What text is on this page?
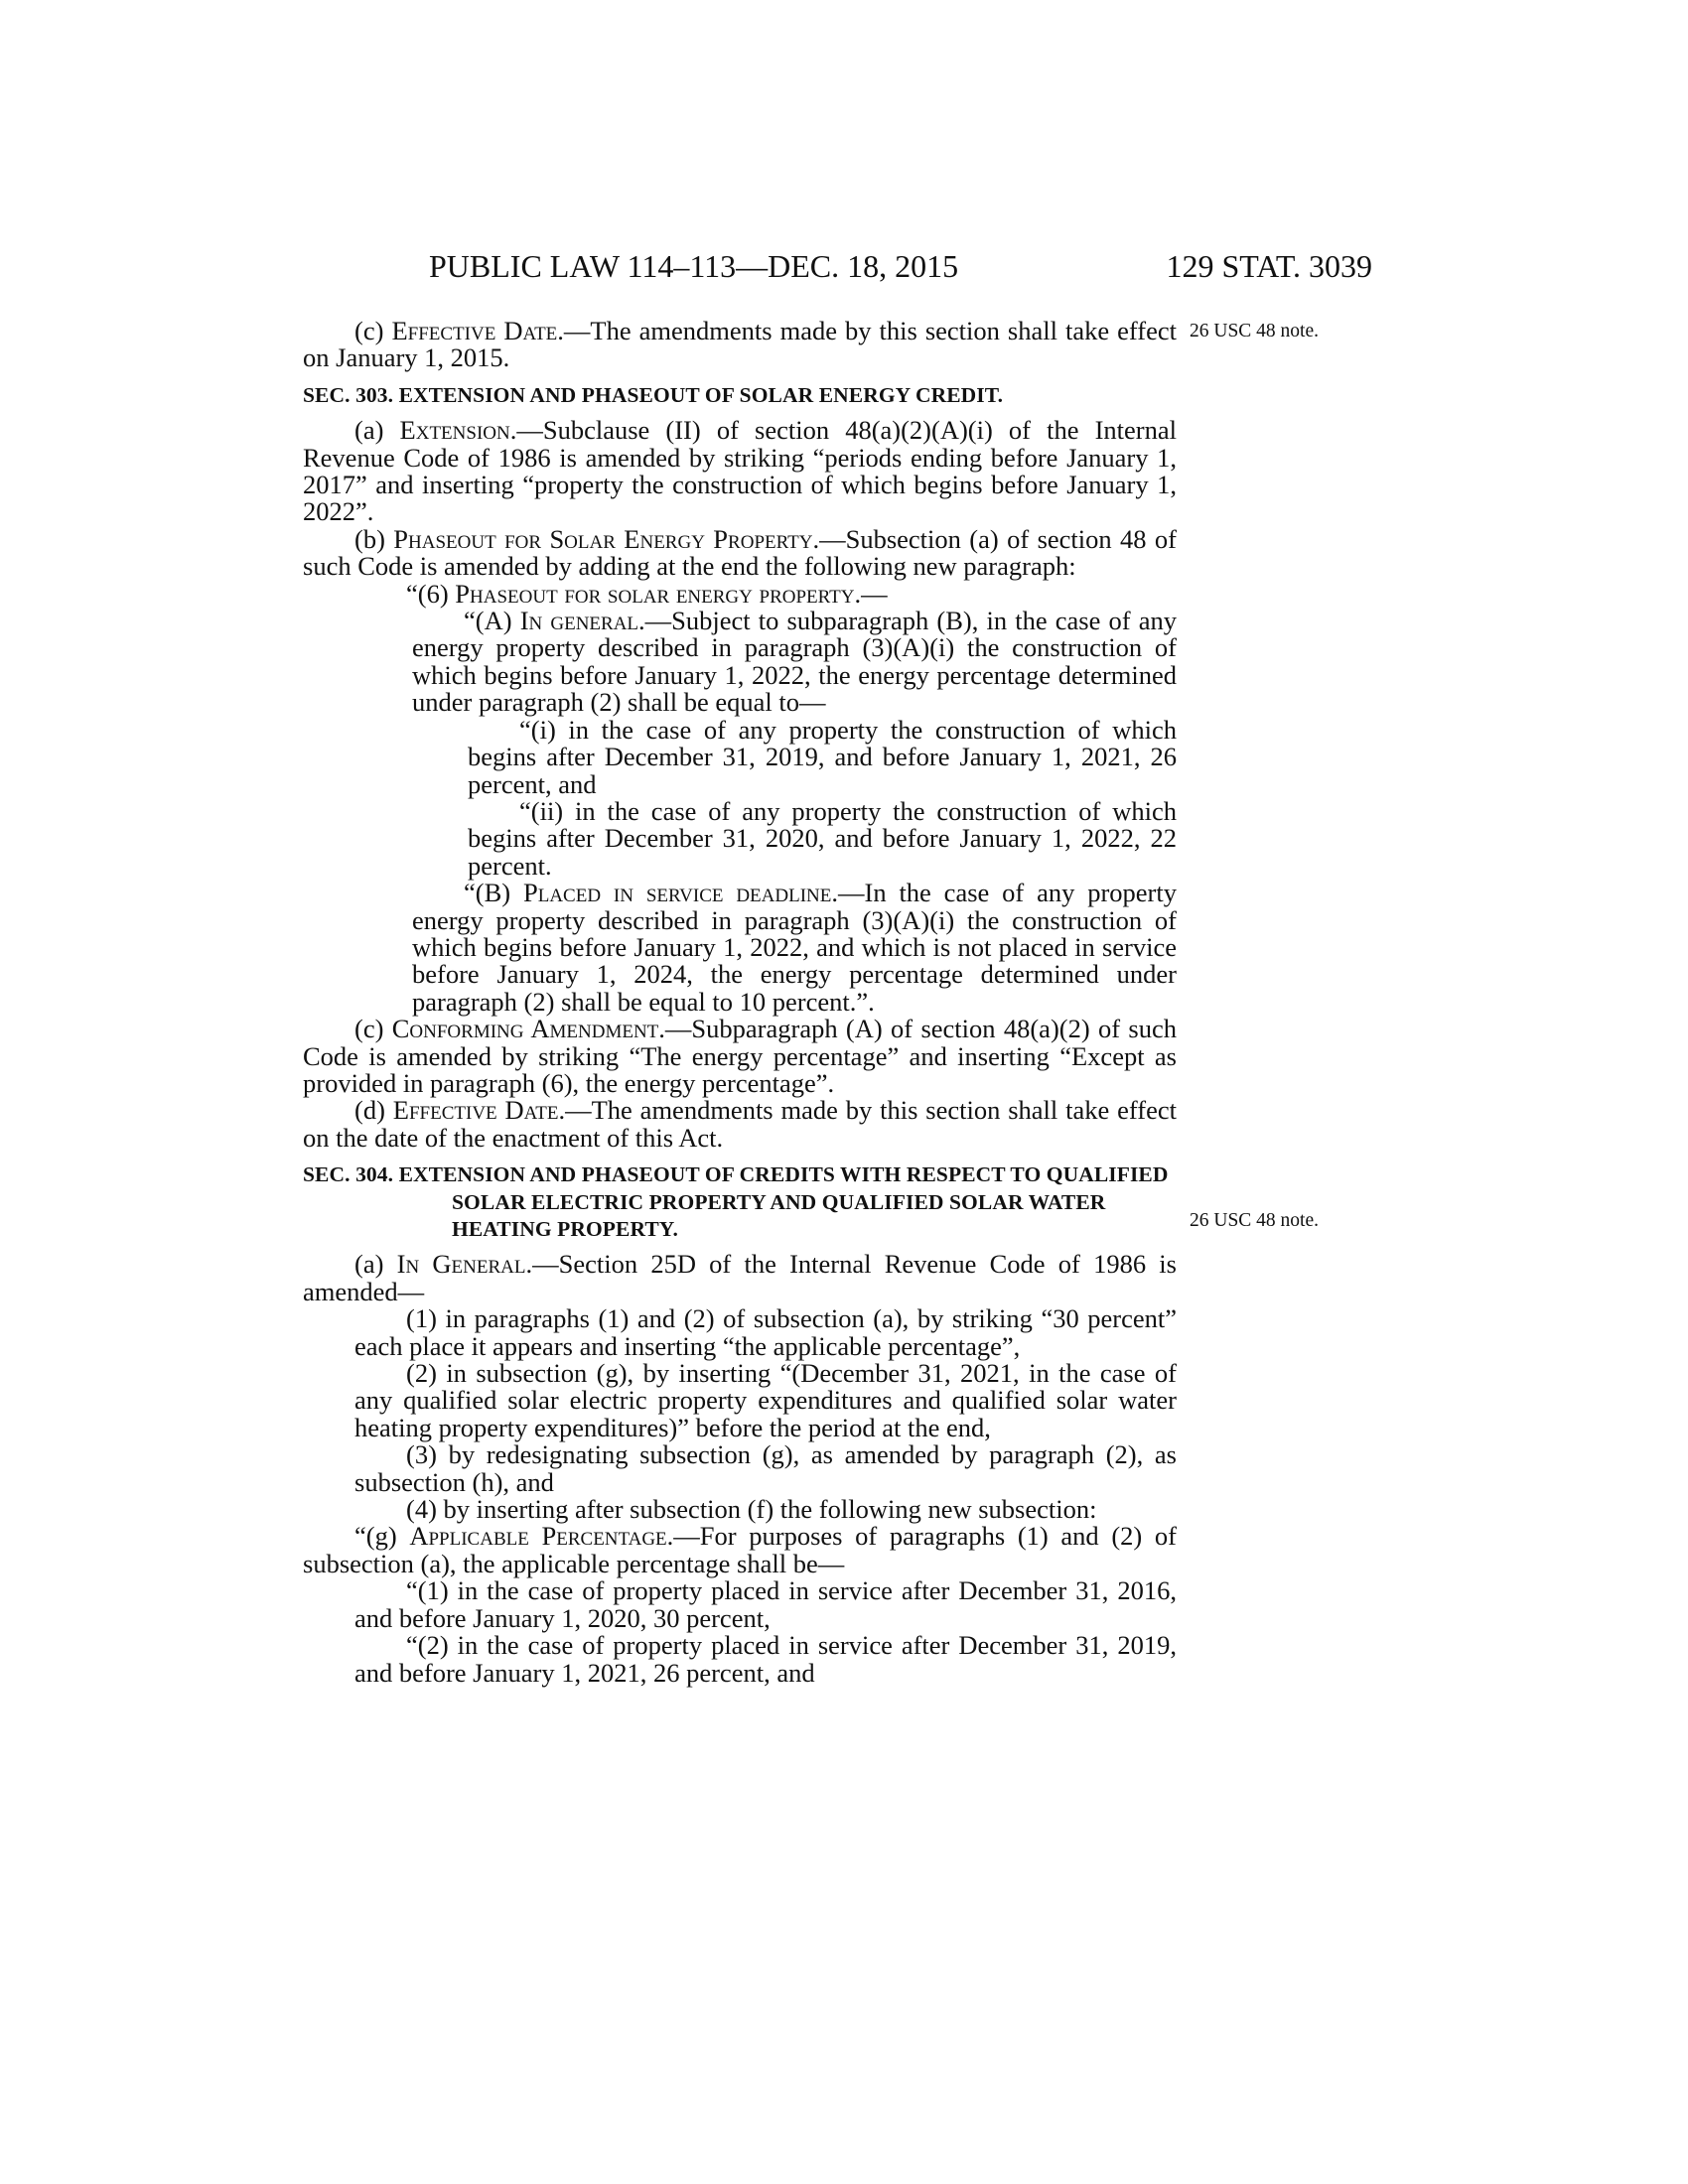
PUBLIC LAW 114–113—DEC. 18, 2015	129 STAT. 3039
26 USC 48 note.
26 USC 48 note.

(c) Effective Date.—The amendments made by this section shall take effect on January 1, 2015.

SEC. 303. EXTENSION AND PHASEOUT OF SOLAR ENERGY CREDIT.

(a) Extension.—Subclause (II) of section 48(a)(2)(A)(i) of the Internal Revenue Code of 1986 is amended by striking “periods ending before January 1, 2017” and inserting “property the construction of which begins before January 1, 2022”.

(b) Phaseout for Solar Energy Property.—Subsection (a) of section 48 of such Code is amended by adding at the end the following new paragraph:

“(6) Phaseout for solar energy property.—

“(A) In general.—Subject to subparagraph (B), in the case of any energy property described in paragraph (3)(A)(i) the construction of which begins before January 1, 2022, the energy percentage determined under paragraph (2) shall be equal to—

“(i) in the case of any property the construction of which begins after December 31, 2019, and before January 1, 2021, 26 percent, and

“(ii) in the case of any property the construction of which begins after December 31, 2020, and before January 1, 2022, 22 percent.

“(B) Placed in service deadline.—In the case of any property energy property described in paragraph (3)(A)(i) the construction of which begins before January 1, 2022, and which is not placed in service before January 1, 2024, the energy percentage determined under paragraph (2) shall be equal to 10 percent.”.

(c) Conforming Amendment.—Subparagraph (A) of section 48(a)(2) of such Code is amended by striking “The energy percentage” and inserting “Except as provided in paragraph (6), the energy percentage”.

(d) Effective Date.—The amendments made by this section shall take effect on the date of the enactment of this Act.

SEC. 304. EXTENSION AND PHASEOUT OF CREDITS WITH RESPECT TO QUALIFIED SOLAR ELECTRIC PROPERTY AND QUALIFIED SOLAR WATER HEATING PROPERTY.

(a) In General.—Section 25D of the Internal Revenue Code of 1986 is amended—

(1) in paragraphs (1) and (2) of subsection (a), by striking “30 percent” each place it appears and inserting “the applicable percentage”,

(2) in subsection (g), by inserting “(December 31, 2021, in the case of any qualified solar electric property expenditures and qualified solar water heating property expenditures)” before the period at the end,

(3) by redesignating subsection (g), as amended by paragraph (2), as subsection (h), and

(4) by inserting after subsection (f) the following new subsection:

“(g) Applicable Percentage.—For purposes of paragraphs (1) and (2) of subsection (a), the applicable percentage shall be—

“(1) in the case of property placed in service after December 31, 2016, and before January 1, 2020, 30 percent,

“(2) in the case of property placed in service after December 31, 2019, and before January 1, 2021, 26 percent, and
